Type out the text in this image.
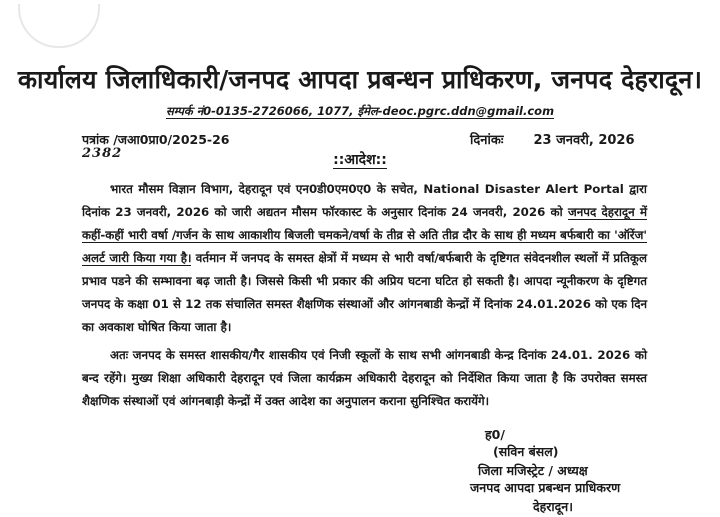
कार्यालय जिलाधिकारी/जनपद आपदा प्रबन्धन प्राधिकरण, जनपद देहरादून।
सम्पर्क नं0-0135-2726066, 1077, ईमेल-deoc.pgrc.ddn@gmail.com
पत्रांक /जआ0प्रा0/2025-26
2382
दिनांकः 23 जनवरी, 2026
::आदेश::
भारत मौसम विज्ञान विभाग, देहरादून एवं एन0डी0एम0ए0 के सचेत, National Disaster Alert Portal द्वारा दिनांक 23 जनवरी, 2026 को जारी अद्यतन मौसम फॉरकास्ट के अनुसार दिनांक 24 जनवरी, 2026 को जनपद देहरादून में कहीं-कहीं भारी वर्षा /गर्जन के साथ आकाशीय बिजली चमकने/वर्षा के तीव्र से अति तीव्र दौर के साथ ही मध्यम बर्फबारी का 'ऑरेंज' अलर्ट जारी किया गया है। वर्तमान में जनपद के समस्त क्षेत्रों में मध्यम से भारी वर्षा/बर्फबारी के दृष्टिगत संवेदनशील स्थलों में प्रतिकूल प्रभाव पडने की सम्भावना बढ़ जाती है। जिससे किसी भी प्रकार की अप्रिय घटना घटित हो सकती है। आपदा न्यूनीकरण के दृष्टिगत जनपद के कक्षा 01 से 12 तक संचालित समस्त शैक्षणिक संस्थाओं और आंगनबाडी केन्द्रों में दिनांक 24.01.2026 को एक दिन का अवकाश घोषित किया जाता है।
अतः जनपद के समस्त शासकीय/गैर शासकीय एवं निजी स्कूलों के साथ सभी आंगनबाडी केन्द्र दिनांक 24.01. 2026 को बन्द रहेंगे। मुख्य शिक्षा अधिकारी देहरादून एवं जिला कार्यक्रम अधिकारी देहरादून को निर्देशित किया जाता है कि उपरोक्त समस्त शैक्षणिक संस्थाओं एवं आंगनबाड़ी केन्द्रों में उक्त आदेश का अनुपालन कराना सुनिश्चित करायेंगे।
ह0/
(सविन बंसल)
जिला मजिस्ट्रेट / अध्यक्ष
जनपद आपदा प्रबन्धन प्राधिकरण
देहरादून।
